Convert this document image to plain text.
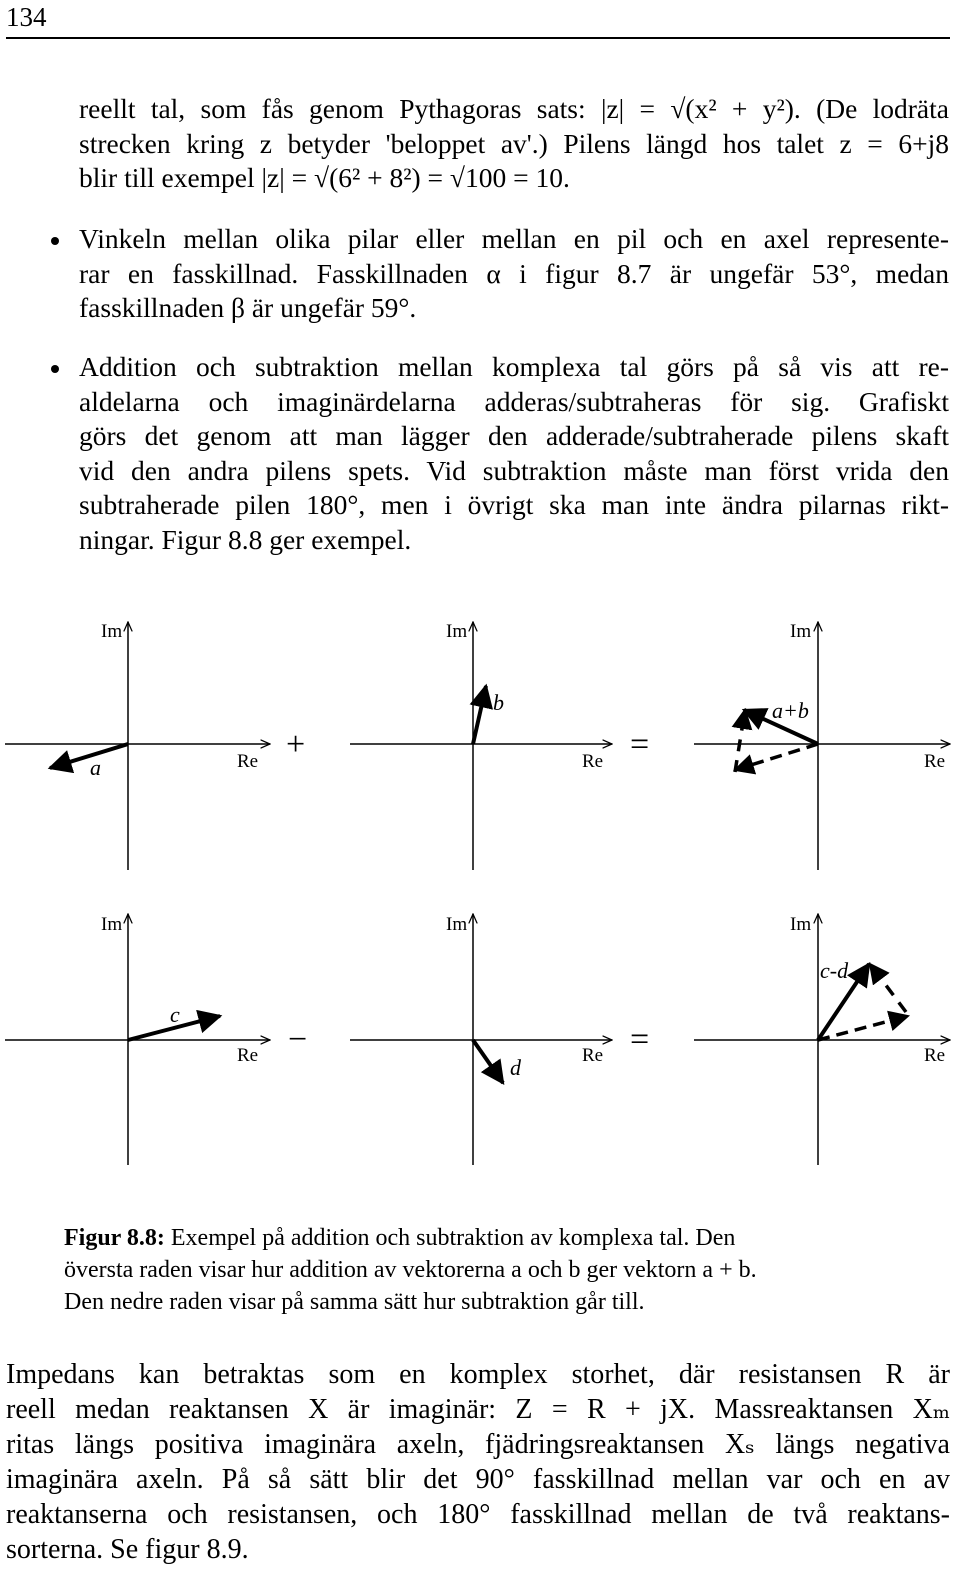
134

reellt tal, som fås genom Pythagoras sats: |z| = √(x² + y²). (De lodräta
strecken kring z betyder 'beloppet av'.) Pilens längd hos talet z = 6+j8
blir till exempel |z| = √(6² + 8²) = √100 = 10.

Vinkeln mellan olika pilar eller mellan en pil och en axel represente-
rar en fasskillnad. Fasskillnaden α i figur 8.7 är ungefär 53°, medan
fasskillnaden β är ungefär 59°.

Addition och subtraktion mellan komplexa tal görs på så vis att re-
aldelarna och imaginärdelarna adderas/subtraheras för sig. Grafiskt
görs det genom att man lägger den adderade/subtraherade pilens skaft
vid den andra pilens spets. Vid subtraktion måste man först vrida den
subtraherade pilen 180°, men i övrigt ska man inte ändra pilarnas rikt-
ningar. Figur 8.8 ger exempel.

Im
Re
a
+
Im
Re
b
=
Im
Re
a+b
Im
Re
c
−
Im
Re
d
=
Im
Re
c-d

Figur 8.8: Exempel på addition och subtraktion av komplexa tal. Den
översta raden visar hur addition av vektorerna a och b ger vektorn a + b.
Den nedre raden visar på samma sätt hur subtraktion går till.

Impedans kan betraktas som en komplex storhet, där resistansen R är
reell medan reaktansen X är imaginär: Z = R + jX. Massreaktansen Xₘ
ritas längs positiva imaginära axeln, fjädringsreaktansen Xₛ längs negativa
imaginära axeln. På så sätt blir det 90° fasskillnad mellan var och en av
reaktanserna och resistansen, och 180° fasskillnad mellan de två reaktans-
sorterna. Se figur 8.9.
